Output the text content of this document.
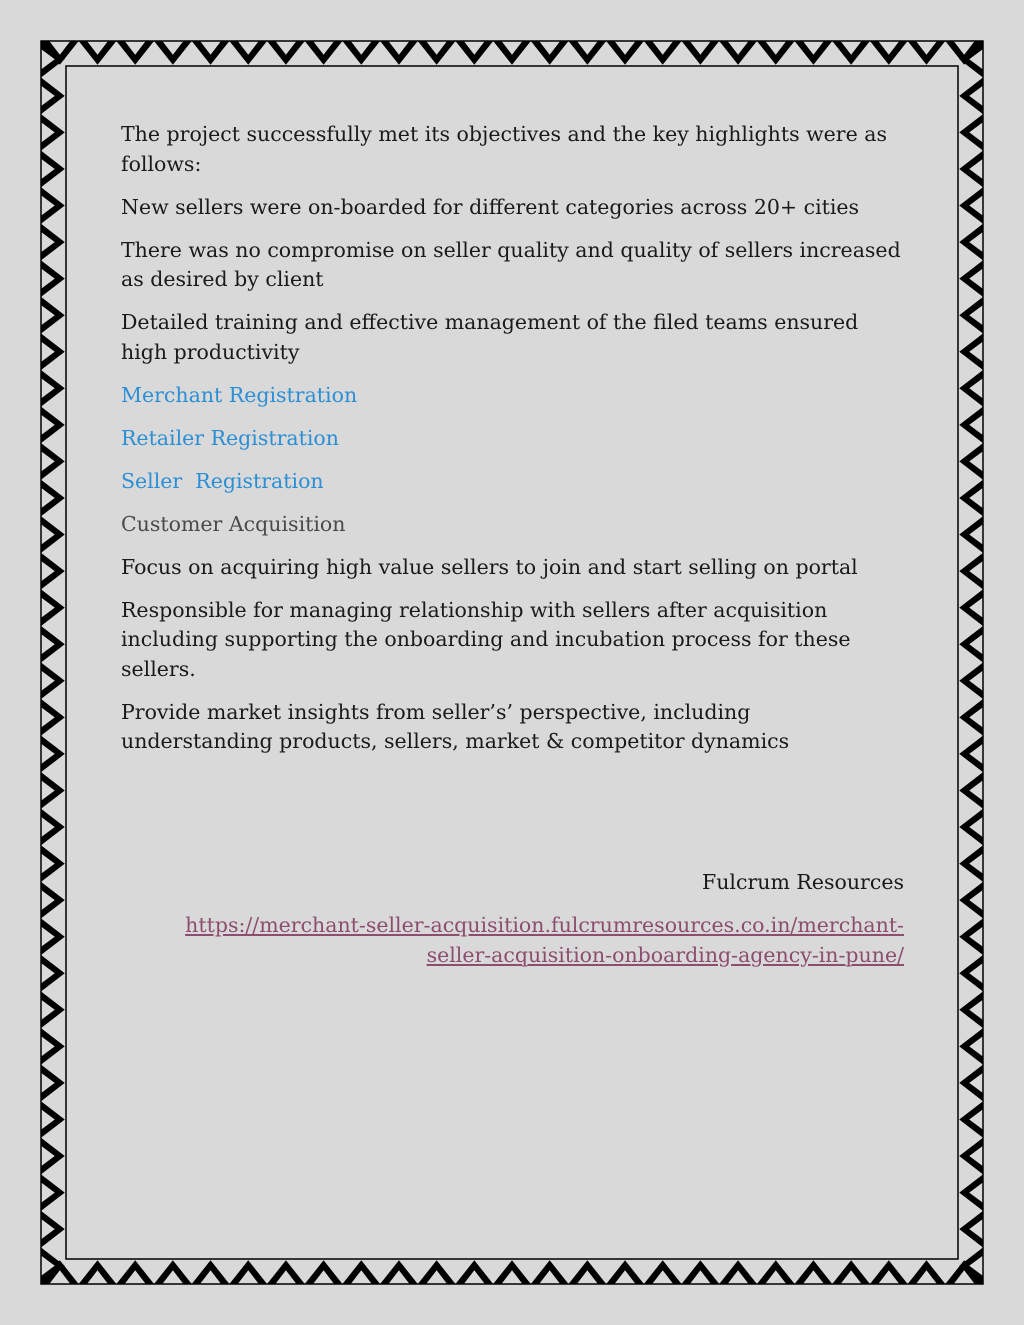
The project successfully met its objectives and the key highlights were as follows:

New sellers were on-boarded for different categories across 20+ cities

There was no compromise on seller quality and quality of sellers increased as desired by client

Detailed training and effective management of the filed teams ensured high productivity

Merchant Registration

Retailer Registration

Seller  Registration

Customer Acquisition

Focus on acquiring high value sellers to join and start selling on portal

Responsible for managing relationship with sellers after acquisition including supporting the onboarding and incubation process for these sellers.

Provide market insights from seller’s’ perspective, including understanding products, sellers, market & competitor dynamics

Fulcrum Resources

https://merchant-seller-acquisition.fulcrumresources.co.in/merchant-seller-acquisition-onboarding-agency-in-pune/
